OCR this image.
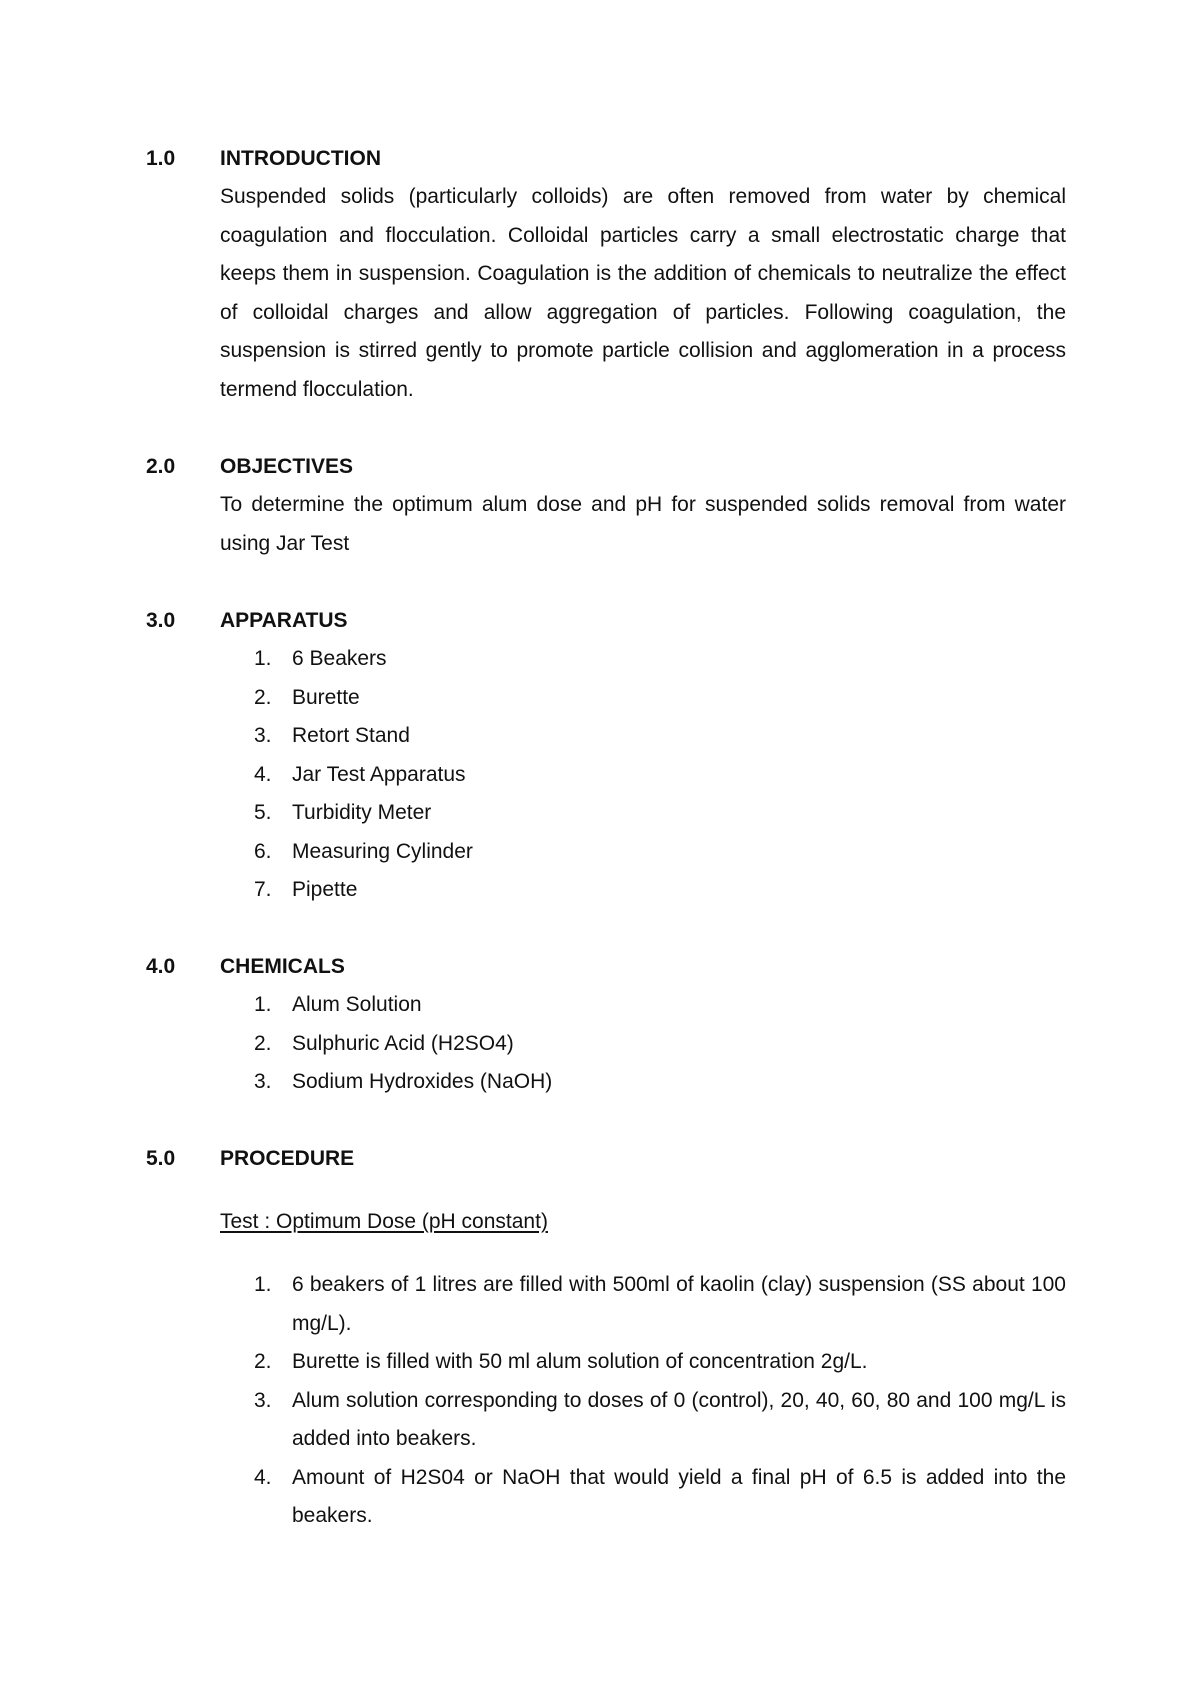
1.0 INTRODUCTION
Suspended solids (particularly colloids) are often removed from water by chemical coagulation and flocculation. Colloidal particles carry a small electrostatic charge that keeps them in suspension. Coagulation is the addition of chemicals to neutralize the effect of colloidal charges and allow aggregation of particles. Following coagulation, the suspension is stirred gently to promote particle collision and agglomeration in a process termend flocculation.
2.0 OBJECTIVES
To determine the optimum alum dose and pH for suspended solids removal from water using Jar Test
3.0 APPARATUS
1. 6 Beakers
2. Burette
3. Retort Stand
4. Jar Test Apparatus
5. Turbidity Meter
6. Measuring Cylinder
7. Pipette
4.0 CHEMICALS
1. Alum Solution
2. Sulphuric Acid (H2SO4)
3. Sodium Hydroxides (NaOH)
5.0 PROCEDURE
Test : Optimum Dose (pH constant)
1. 6 beakers of 1 litres are filled with 500ml of kaolin (clay) suspension (SS about 100 mg/L).
2. Burette is filled with 50 ml alum solution of concentration 2g/L.
3. Alum solution corresponding to doses of 0 (control), 20, 40, 60, 80 and 100 mg/L is added into beakers.
4. Amount of H2S04 or NaOH that would yield a final pH of 6.5 is added into the beakers.
